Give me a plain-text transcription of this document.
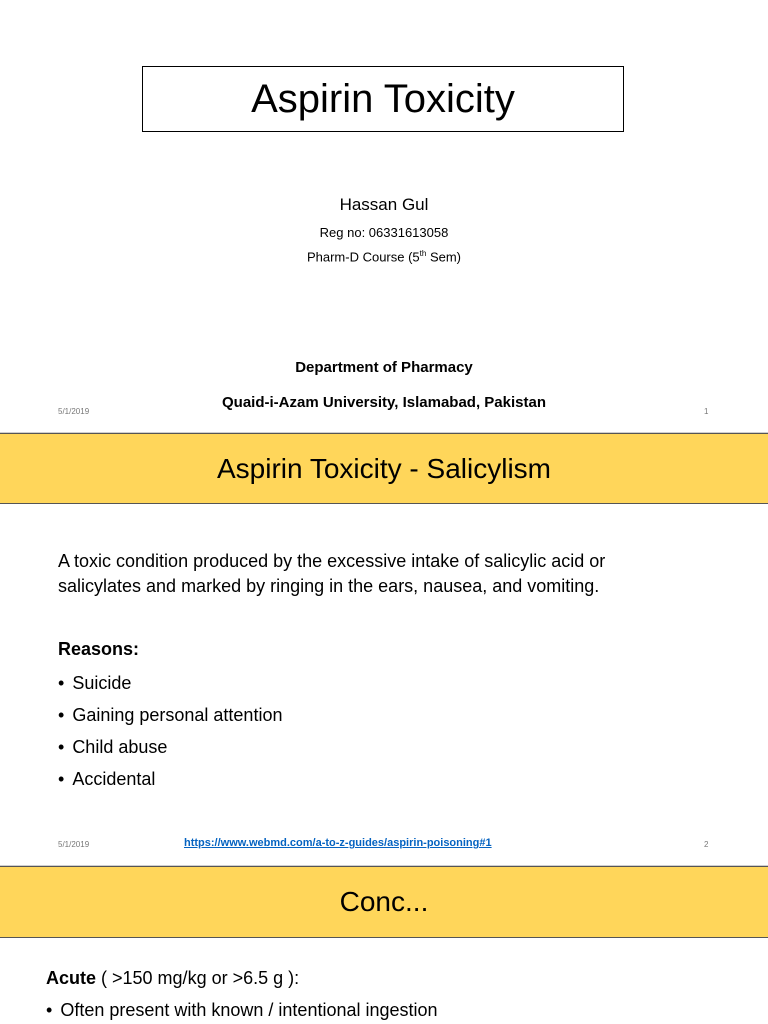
Aspirin Toxicity
Hassan Gul
Reg no: 06331613058
Pharm-D Course (5th Sem)
Department of Pharmacy
Quaid-i-Azam University, Islamabad, Pakistan
5/1/2019	1
Aspirin Toxicity - Salicylism
A toxic condition produced by the excessive intake of salicylic acid or
salicylates and marked by ringing in the ears, nausea, and vomiting.
Reasons:
• Suicide
• Gaining personal attention
• Child abuse
• Accidental
5/1/2019	https://www.webmd.com/a-to-z-guides/aspirin-poisoning#1	2
Conc...
Acute ( >150 mg/kg or >6.5 g ):
• Often present with known / intentional ingestion
